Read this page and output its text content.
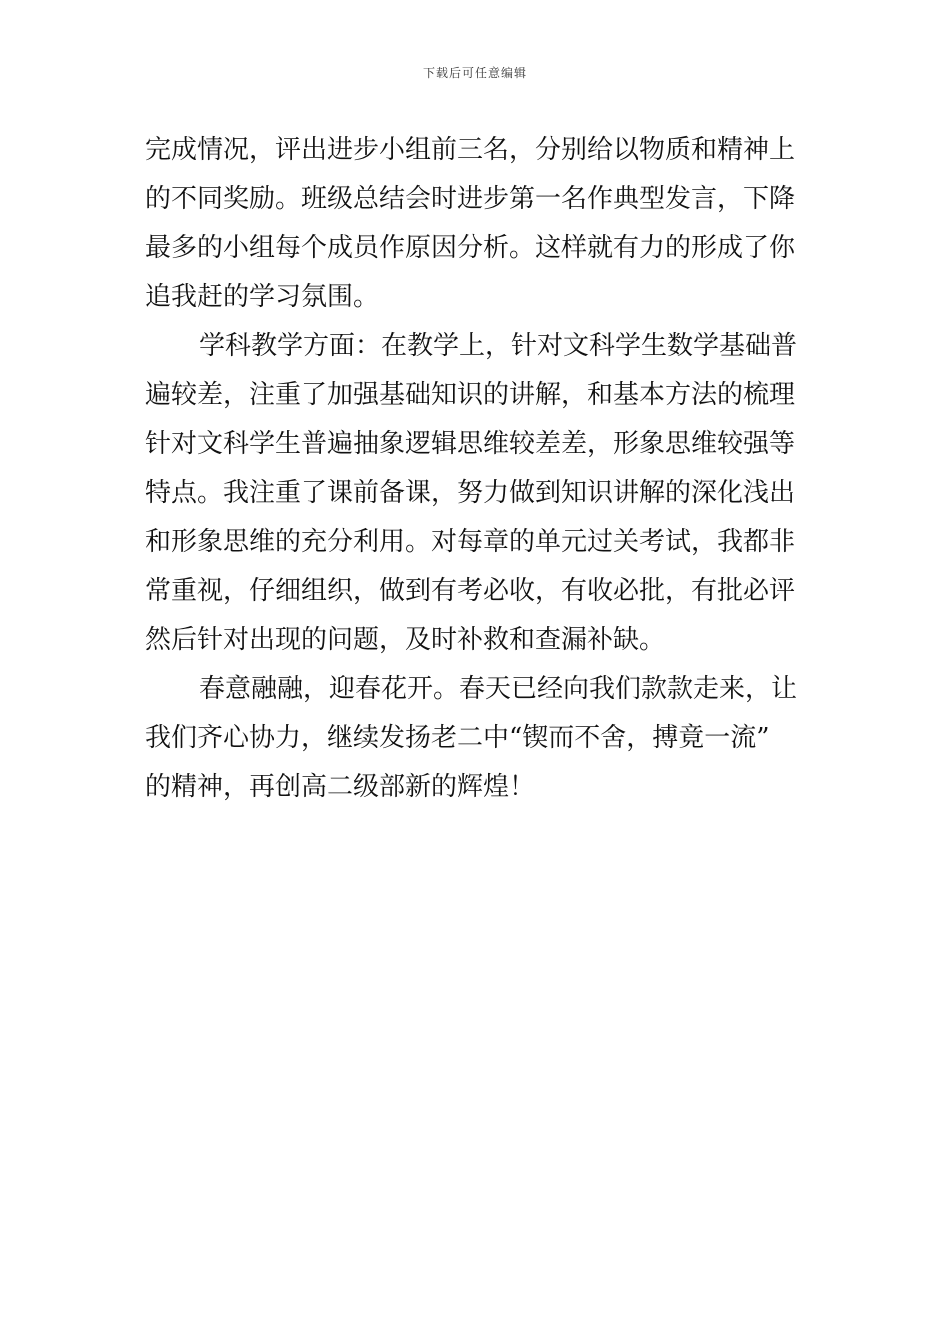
下载后可任意编辑
完成情况，评出进步小组前三名，分别给以物质和精神上
的不同奖励。班级总结会时进步第一名作典型发言，下降
最多的小组每个成员作原因分析。这样就有力的形成了你
追我赶的学习氛围。
学科教学方面：在教学上，针对文科学生数学基础普
遍较差，注重了加强基础知识的讲解，和基本方法的梳理
针对文科学生普遍抽象逻辑思维较差差，形象思维较强等
特点。我注重了课前备课，努力做到知识讲解的深化浅出
和形象思维的充分利用。对每章的单元过关考试，我都非
常重视，仔细组织，做到有考必收，有收必批，有批必评
然后针对出现的问题，及时补救和查漏补缺。
春意融融，迎春花开。春天已经向我们款款走来，让
我们齐心协力，继续发扬老二中“锲而不舍，搏竟一流”
的精神，再创高二级部新的辉煌！
